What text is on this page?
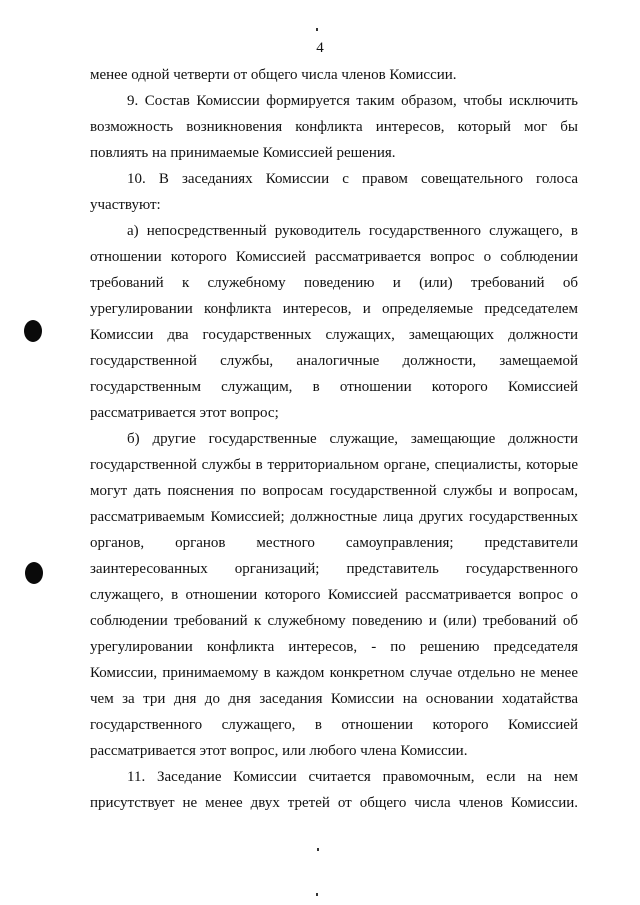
4
менее одной четверти от общего числа членов Комиссии.
9. Состав Комиссии формируется таким образом, чтобы исключить
возможность возникновения конфликта интересов, который мог бы
повлиять на принимаемые Комиссией решения.
10. В заседаниях Комиссии с правом совещательного голоса
участвуют:
а) непосредственный руководитель государственного служащего, в
отношении которого Комиссией рассматривается вопрос о соблюдении
требований к служебному поведению и (или) требований об
урегулировании конфликта интересов, и определяемые председателем
Комиссии два государственных служащих, замещающих должности
государственной службы, аналогичные должности, замещаемой
государственным служащим, в отношении которого Комиссией
рассматривается этот вопрос;
б) другие государственные служащие, замещающие должности
государственной службы в территориальном органе, специалисты, которые
могут дать пояснения по вопросам государственной службы и вопросам,
рассматриваемым Комиссией; должностные лица других государственных
органов, органов местного самоуправления; представители
заинтересованных организаций; представитель государственного
служащего, в отношении которого Комиссией рассматривается вопрос о
соблюдении требований к служебному поведению и (или) требований об
урегулировании конфликта интересов, - по решению председателя
Комиссии, принимаемому в каждом конкретном случае отдельно не менее
чем за три дня до дня заседания Комиссии на основании ходатайства
государственного служащего, в отношении которого Комиссией
рассматривается этот вопрос, или любого члена Комиссии.
11. Заседание Комиссии считается правомочным, если на нем
присутствует не менее двух третей от общего числа членов Комиссии.
